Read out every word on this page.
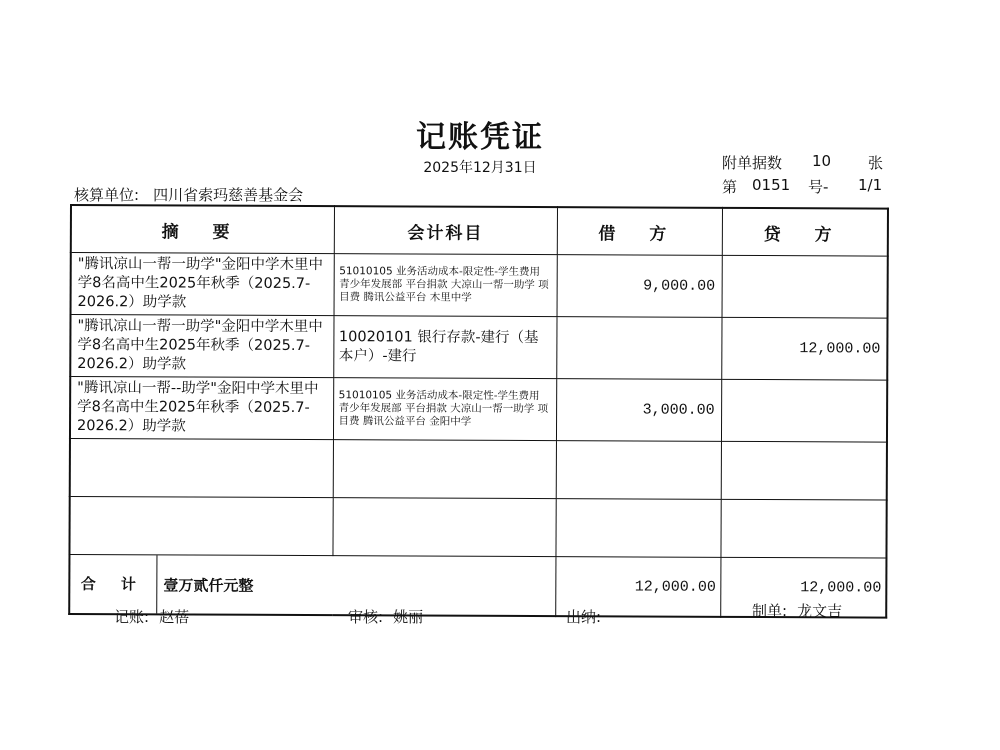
记账凭证
2025年12月31日	附单据数 10 张
核算单位: 四川省索玛慈善基金会	第 0151 号- 1/1
摘 要	会计科目	借 方	贷 方
"腾讯凉山一帮一助学"金阳中学木里中学8名高中生2025年秋季（2025.7-2026.2）助学款	51010105 业务活动成本-限定性-学生费用 青少年发展部 平台捐款 大凉山一帮一助学 项目费 腾讯公益平台 木里中学	9,000.00	
"腾讯凉山一帮一助学"金阳中学木里中学8名高中生2025年秋季（2025.7-2026.2）助学款	10020101 银行存款-建行（基本户）-建行		12,000.00
"腾讯凉山一帮--助学"金阳中学木里中学8名高中生2025年秋季（2025.7-2026.2）助学款	51010105 业务活动成本-限定性-学生费用 青少年发展部 平台捐款 大凉山一帮一助学 项目费 腾讯公益平台 金阳中学	3,000.00	

合 计 壹万贰仟元整		12,000.00	12,000.00
记账: 赵蓓	审核: 姚丽	出纳:	制单: 龙文吉
